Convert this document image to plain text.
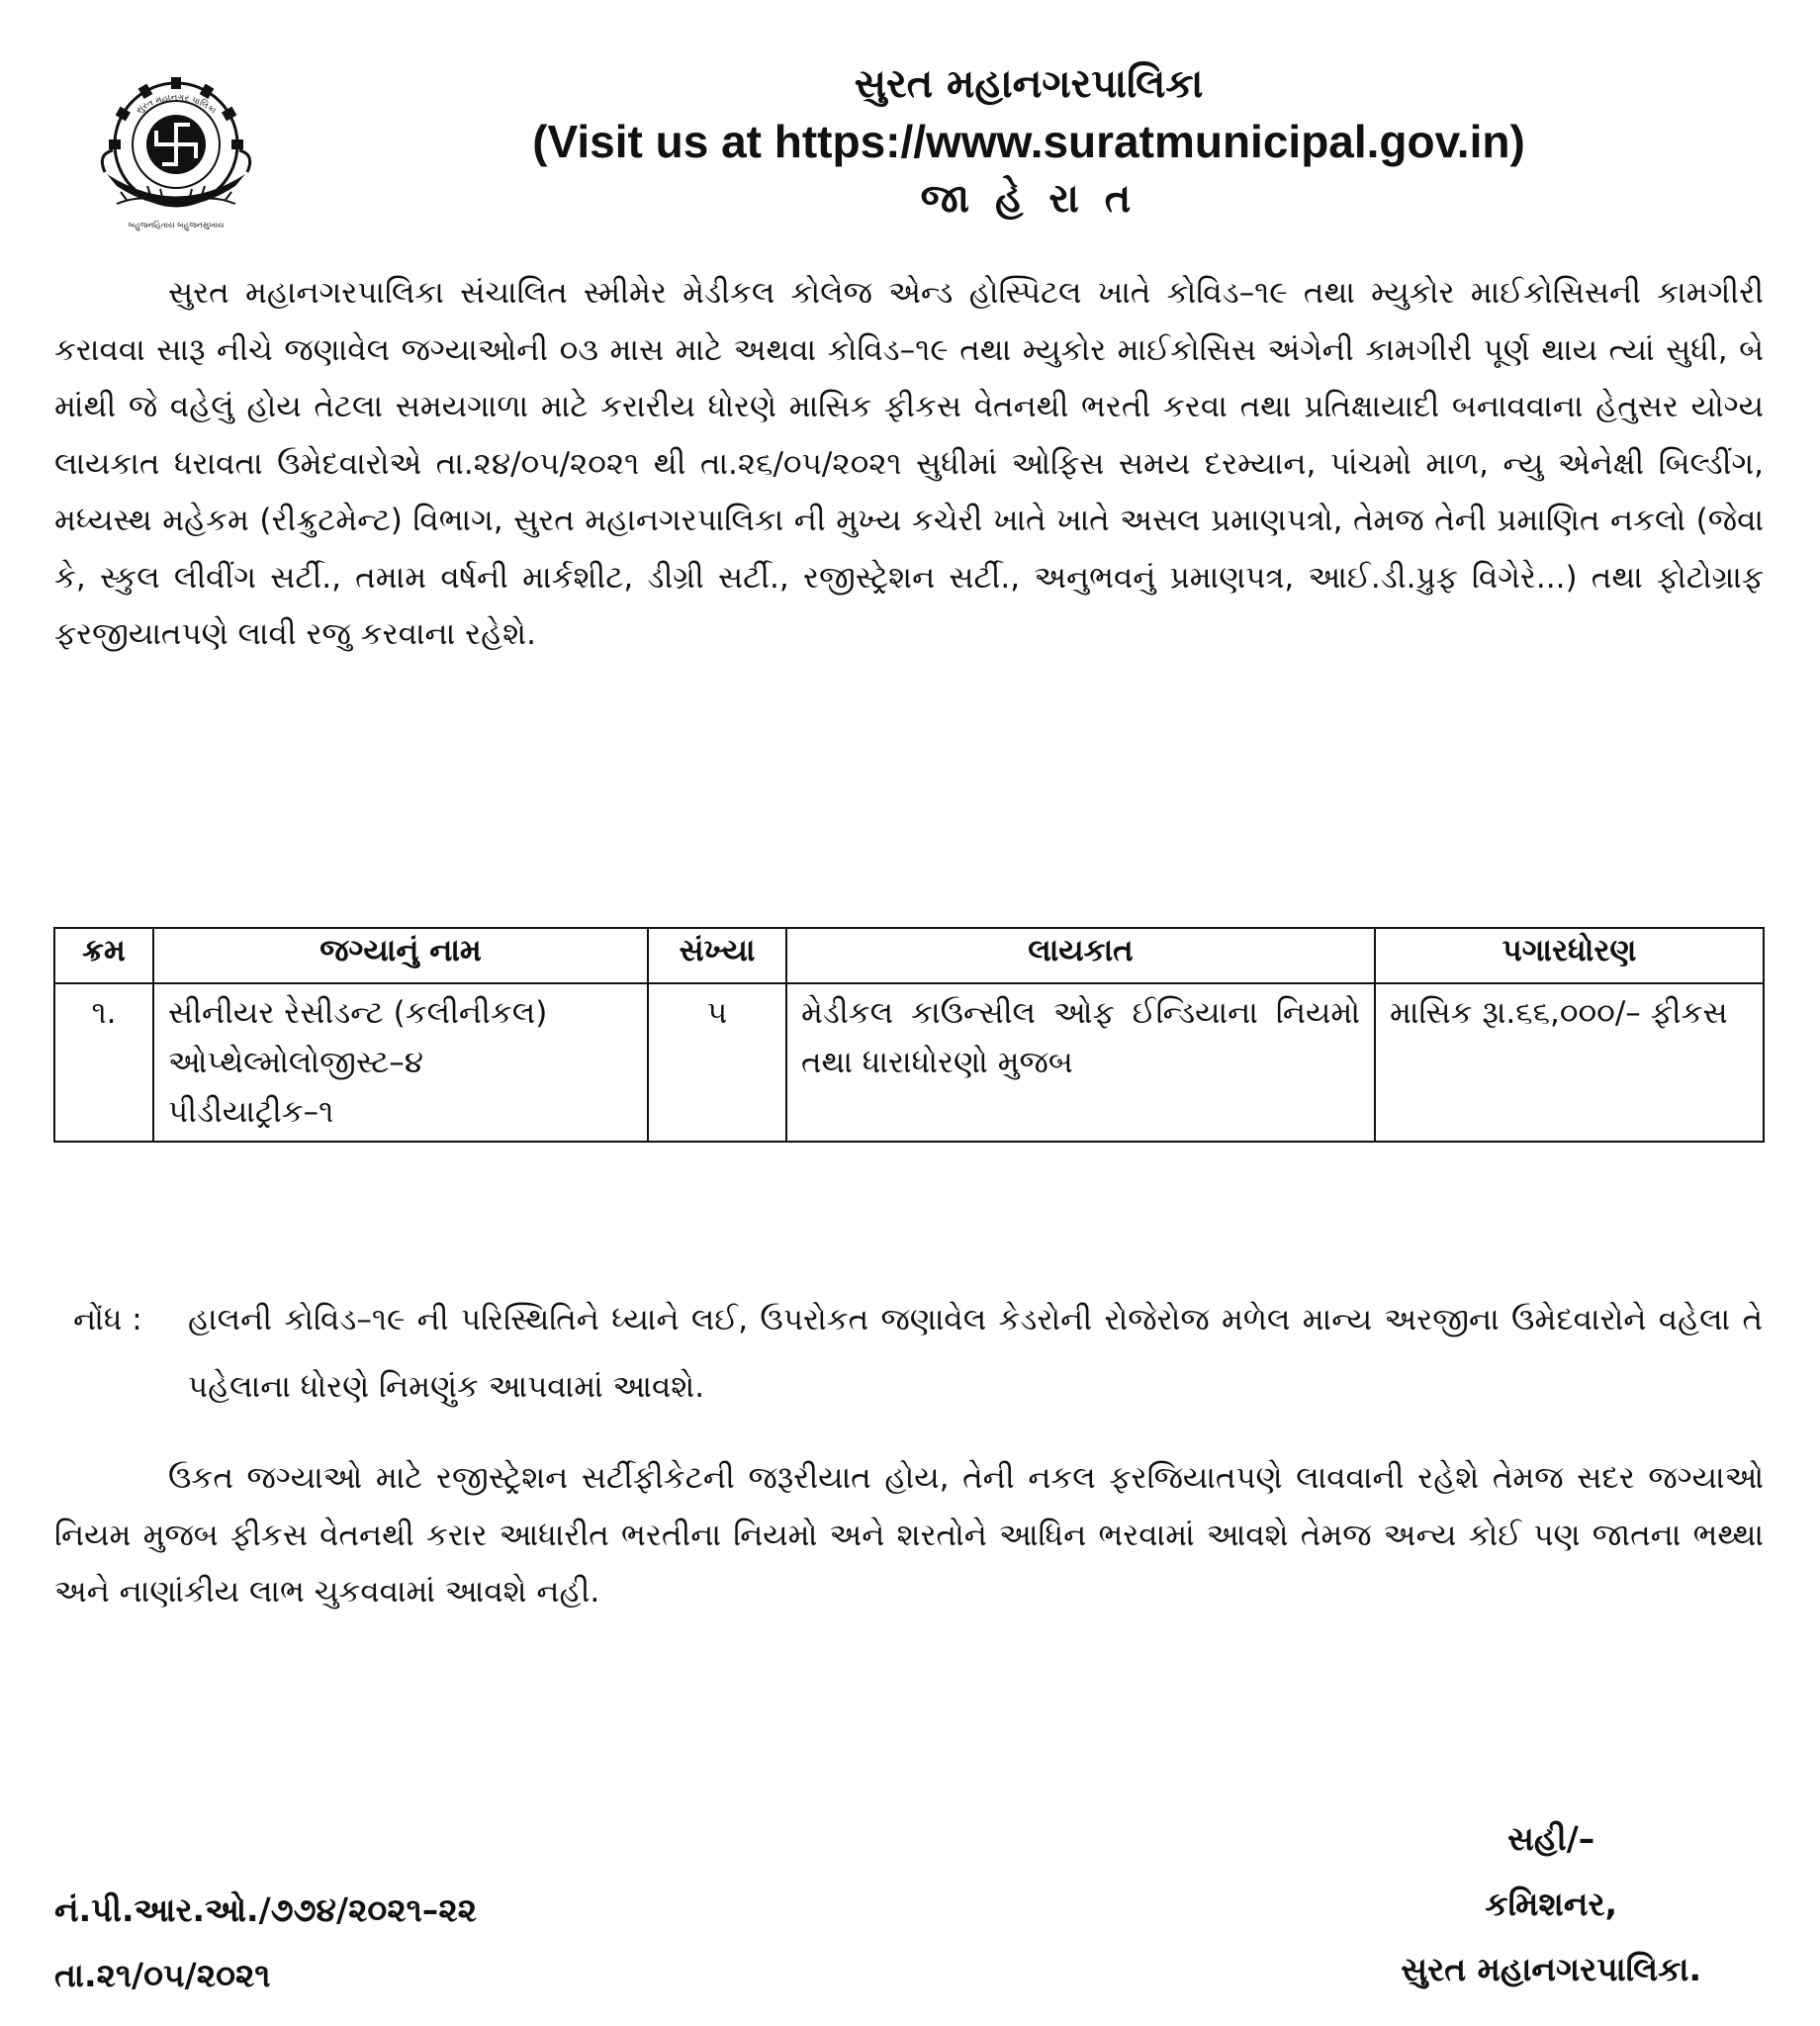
સુરત મહાનગર પાલિકા
બહુજનહિતાય બહુજનસુખાય
સુરત મહાનગરપાલિકા
(Visit us at https://www.suratmunicipal.gov.in)
જા હે રા ત

સુરત મહાનગરપાલિકા સંચાલિત સ્મીમેર મેડીકલ કોલેજ એન્ડ હોસ્પિટલ ખાતે કોવિડ–૧૯ તથા મ્યુકોર માઈકોસિસની કામગીરી કરાવવા સારૂ નીચે જણાવેલ જગ્યાઓની ૦૩ માસ માટે અથવા કોવિડ–૧૯ તથા મ્યુકોર માઈકોસિસ અંગેની કામગીરી પૂર્ણ થાય ત્યાં સુધી, બે માંથી જે વહેલું હોય તેટલા સમયગાળા માટે કરારીય ધોરણે માસિક ફીકસ વેતનથી ભરતી કરવા તથા પ્રતિક્ષાયાદી બનાવવાના હેતુસર યોગ્ય લાયકાત ધરાવતા ઉમેદવારોએ તા.૨૪/૦૫/૨૦૨૧ થી તા.૨૬/૦૫/૨૦૨૧ સુધીમાં ઓફિસ સમય દરમ્યાન, પાંચમો માળ, ન્યુ એનેક્ષી બિલ્ડીંગ, મધ્યસ્થ મહેકમ (રીક્રુટમેન્ટ) વિભાગ, સુરત મહાનગરપાલિકા ની મુખ્ય કચેરી ખાતે ખાતે અસલ પ્રમાણપત્રો, તેમજ તેની પ્રમાણિત નકલો (જેવા કે, સ્કુલ લીવીંગ સર્ટી., તમામ વર્ષની માર્કશીટ, ડીગ્રી સર્ટી., રજીસ્ટ્રેશન સર્ટી., અનુભવનું પ્રમાણપત્ર, આઈ.ડી.પ્રુફ વિગેરે...) તથા ફોટોગ્રાફ ફરજીયાતપણે લાવી રજુ કરવાના રહેશે.

ક્રમ	જગ્યાનું નામ	સંખ્યા	લાયકાત	પગારધોરણ
૧.	સીનીયર રેસીડન્ટ (કલીનીકલ)
ઓપ્થેલ્મોલોજીસ્ટ–૪
પીડીયાટ્રીક–૧	૫	મેડીકલ કાઉન્સીલ ઓફ ઈન્ડિયાના નિયમો તથા ધારાધોરણો મુજબ	માસિક રૂા.૬૬,૦૦૦/– ફીકસ
નોંધ : હાલની કોવિડ–૧૯ ની પરિસ્થિતિને ધ્યાને લઈ, ઉપરોકત જણાવેલ કેડરોની રોજેરોજ મળેલ માન્ય અરજીના ઉમેદવારોને વહેલા તે પહેલાના ધોરણે નિમણુંક આપવામાં આવશે.

ઉકત જગ્યાઓ માટે રજીસ્ટ્રેશન સર્ટીફીકેટની જરૂરીયાત હોય, તેની નકલ ફરજિયાતપણે લાવવાની રહેશે તેમજ સદર જગ્યાઓ નિયમ મુજબ ફીકસ વેતનથી કરાર આધારીત ભરતીના નિયમો અને શરતોને આધિન ભરવામાં આવશે તેમજ અન્ય કોઈ પણ જાતના ભથ્થા અને નાણાંકીય લાભ ચુકવવામાં આવશે નહી.

નં.પી.આર.ઓ./૭૭૪/૨૦૨૧–૨૨
તા.૨૧/૦૫/૨૦૨૧
સહી/–
કમિશનર,
સુરત મહાનગરપાલિકા.
